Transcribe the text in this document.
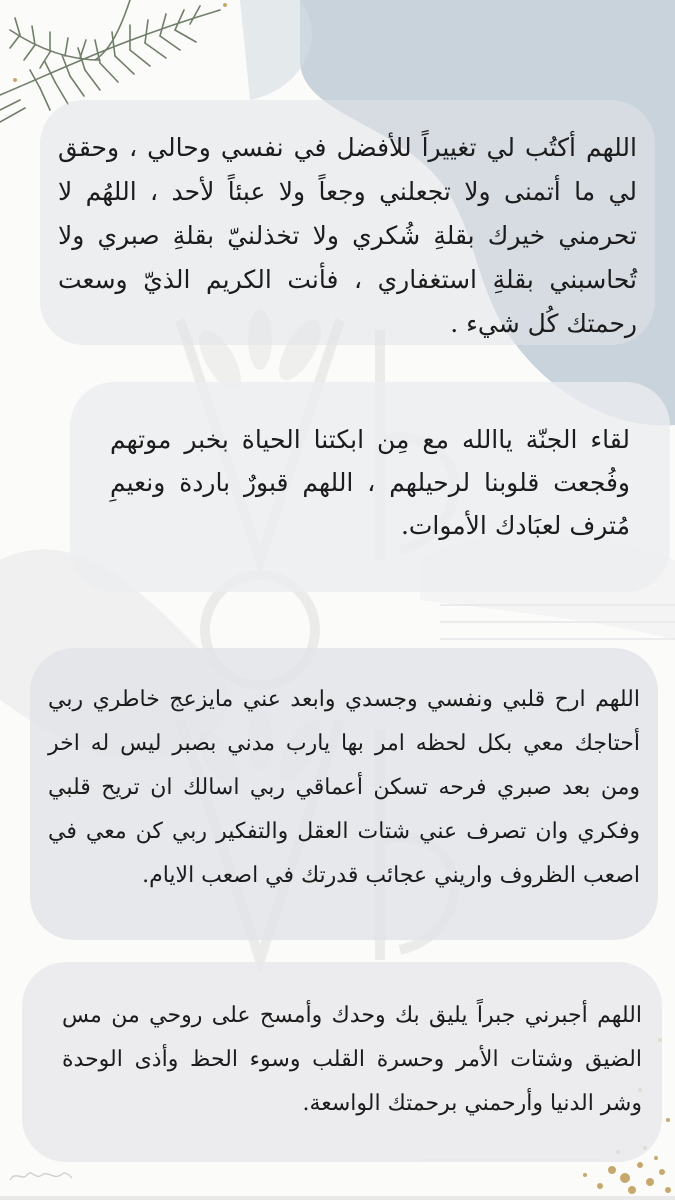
اللهم أكتُب لي تغييراً للأفضل في نفسي وحالي ، وحقق لي ما أتمنى ولا تجعلني وجعاً ولا عبئاً لأحد ، اللهُم لا تحرمني خيرك بقلةِ شُكري ولا تخذلنيّ بقلةِ صبري ولا تُحاسبني بقلةِ استغفاري ، فأنت الكريم الذيّ وسعت رحمتك كُل شيء .

لقاء الجنّة ياالله مع مِن ابكتنا الحياة بخبر موتهم وفُجعت قلوبنا لرحيلهم ، اللهم قبورٌ باردة ونعيمِ مُترف لعبَادك الأموات.

اللهم ارح قلبي ونفسي وجسدي وابعد عني مايزعج خاطري ربي أحتاجك معي بكل لحظه امر بها يارب مدني بصبر ليس له اخر ومن بعد صبري فرحه تسكن أعماقي ربي اسالك ان تريح قلبي وفكري وان تصرف عني شتات العقل والتفكير ربي كن معي في اصعب الظروف واريني عجائب قدرتك في اصعب الايام.

اللهم أجبرني جبراً يليق بك وحدك وأمسح على روحي من مس الضيق وشتات الأمر وحسرة القلب وسوء الحظ وأذى الوحدة وشر الدنيا وأرحمني برحمتك الواسعة.
